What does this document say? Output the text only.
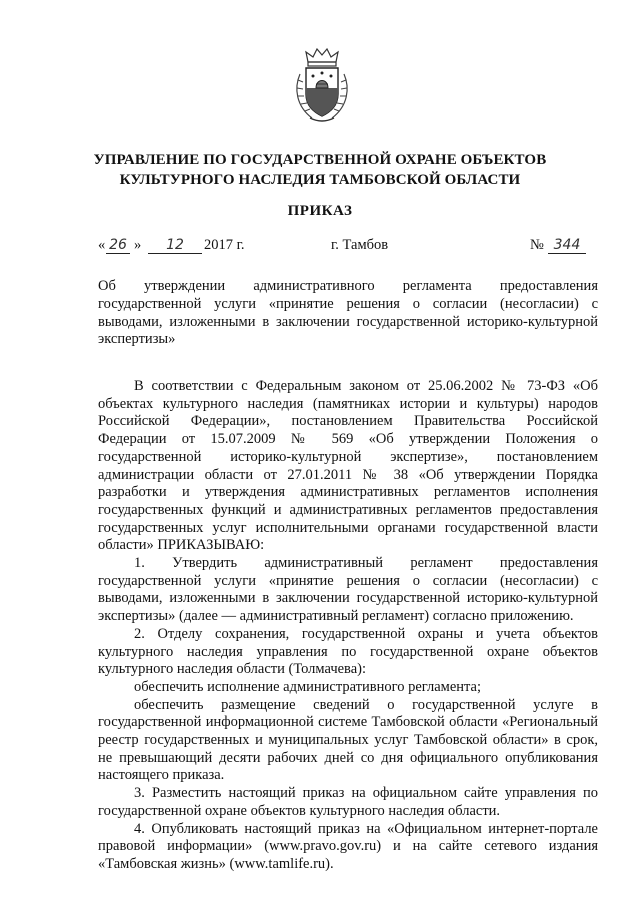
УПРАВЛЕНИЕ ПО ГОСУДАРСТВЕННОЙ ОХРАНЕ ОБЪЕКТОВ
КУЛЬТУРНОГО НАСЛЕДИЯ ТАМБОВСКОЙ ОБЛАСТИ
ПРИКАЗ
« 26 »	12	2017 г.	г. Тамбов	№ 344
Об утверждении административного регламента предоставления государственной услуги «принятие решения о согласии (несогласии) с выводами, изложенными в заключении государственной историко-культурной экспертизы»

В соответствии с Федеральным законом от 25.06.2002 № 73-ФЗ «Об объектах культурного наследия (памятниках истории и культуры) народов Российской Федерации», постановлением Правительства Российской Федерации от 15.07.2009 № 569 «Об утверждении Положения о государственной историко-культурной экспертизе», постановлением администрации области от 27.01.2011 № 38 «Об утверждении Порядка разработки и утверждения административных регламентов исполнения государственных функций и административных регламентов предоставления государственных услуг исполнительными органами государственной власти области» ПРИКАЗЫВАЮ:

1. Утвердить административный регламент предоставления государственной услуги «принятие решения о согласии (несогласии) с выводами, изложенными в заключении государственной историко-культурной экспертизы» (далее — административный регламент) согласно приложению.

2. Отделу сохранения, государственной охраны и учета объектов культурного наследия управления по государственной охране объектов культурного наследия области (Толмачева):

обеспечить исполнение административного регламента;

обеспечить размещение сведений о государственной услуге в государственной информационной системе Тамбовской области «Региональный реестр государственных и муниципальных услуг Тамбовской области» в срок, не превышающий десяти рабочих дней со дня официального опубликования настоящего приказа.

3. Разместить настоящий приказ на официальном сайте управления по государственной охране объектов культурного наследия области.

4. Опубликовать настоящий приказ на «Официальном интернет-портале правовой информации» (www.pravo.gov.ru) и на сайте сетевого издания «Тамбовская жизнь» (www.tamlife.ru).
